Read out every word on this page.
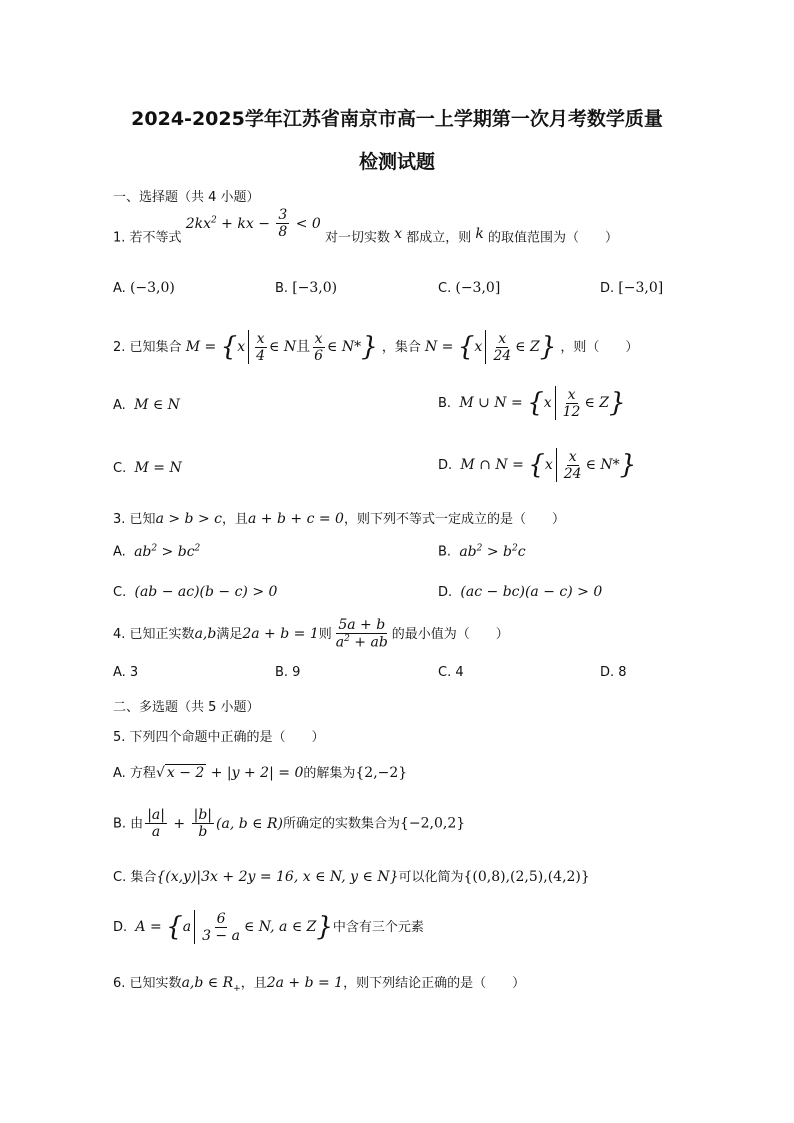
2024-2025学年江苏省南京市高一上学期第一次月考数学质量
检测试题
一、选择题（共 4 小题）
1. 若不等式 $2kx^2$ + kx − $\frac{3}{8} < 0$ 对一切实数 x 都成立，则 k 的取值范围为（　　）
A. (−3,0)	B. [−3,0)	C. (−3,0]	D. [−3,0]
2. 已知集合 $M = \{x \frac{x}{4}$ ∈ N且 $\frac{x}{6}$ ∈ N*} ，集合 $N = \{x \frac{x}{24}$ ∈ Z} ，则（　　）
A. M ∈ N	B. M ∪ $N = \{x \frac{x}{12}$ ∈ Z}
C. M = N	D. M ∩ $N = \{x \frac{x}{24}$ ∈ N*}
3. 已知a > b > c，且a + b + c = 0，则下列不等式一定成立的是（　　）
A. $ab^2 > bc^2$	B. $ab^2 > b^2c$
C. (ab − ac)(b − c) > 0	D. (ac − bc)(a − c) > 0
4. 已知正实数a,b满足2a + b = 1则 $\frac{5a + b}{a^2 + ab}$ 的最小值为（　　）
A. 3	B. 9	C. 4	D. 8
二、多选题（共 5 小题）
5. 下列四个命题中正确的是（　　）
A. 方程√ x − 2 + |y + 2| = 0的解集为{2,−2}
B. 由 $\frac{|a|}{a} + \frac{|b|}{b} (a$, b ∈ R)所确定的实数集合为{−2,0,2}
C. 集合{(x,y)|3x + 2y = 16, x ∈ N, y ∈ N}可以化简为{(0,8),(2,5),(4,2)}
D. $A = \{a \frac{6}{3 - a}$ ∈ N, a ∈ Z}中含有三个元素
6. 已知实数a,b ∈ $R_+$，且2a + b = 1，则下列结论正确的是（　　）
